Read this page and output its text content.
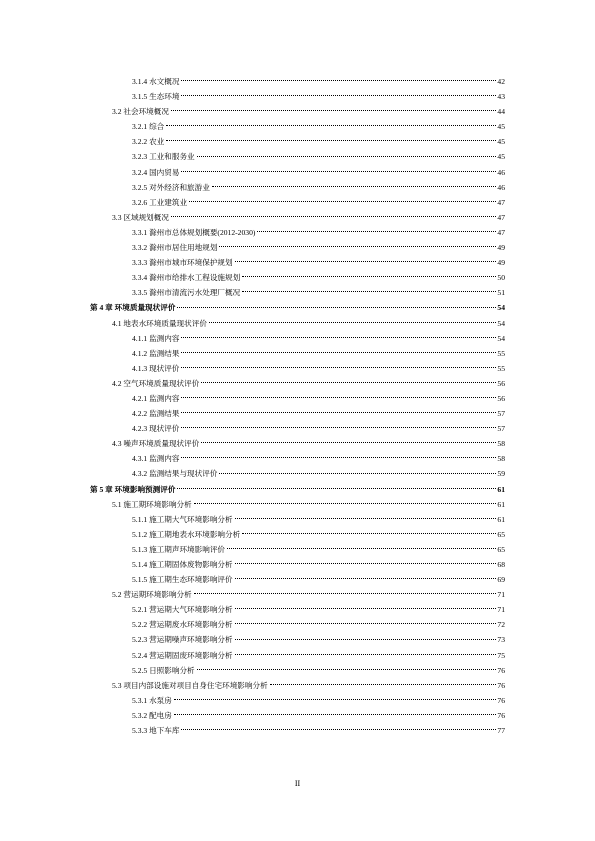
3.1.4 水文概况	42
3.1.5 生态环境	43
3.2 社会环境概况	44
3.2.1 综合	45
3.2.2 农业	45
3.2.3 工业和服务业	45
3.2.4 国内贸易	46
3.2.5 对外经济和旅游业	46
3.2.6 工业建筑业	47
3.3 区域规划概况	47
3.3.1 滁州市总体规划概要(2012-2030)	47
3.3.2 滁州市居住用地规划	49
3.3.3 滁州市城市环境保护规划	49
3.3.4 滁州市给排水工程设施规划	50
3.3.5 滁州市清流污水处理厂概况	51
第 4 章 环境质量现状评价	54
4.1 地表水环境质量现状评价	54
4.1.1 监测内容	54
4.1.2 监测结果	55
4.1.3 现状评价	55
4.2 空气环境质量现状评价	56
4.2.1 监测内容	56
4.2.2 监测结果	57
4.2.3 现状评价	57
4.3 噪声环境质量现状评价	58
4.3.1 监测内容	58
4.3.2 监测结果与现状评价	59
第 5 章 环境影响预测评价	61
5.1 施工期环境影响分析	61
5.1.1 施工期大气环境影响分析	61
5.1.2 施工期地表水环境影响分析	65
5.1.3 施工期声环境影响评价	65
5.1.4 施工期固体废物影响分析	68
5.1.5 施工期生态环境影响评价	69
5.2 营运期环境影响分析	71
5.2.1 营运期大气环境影响分析	71
5.2.2 营运期废水环境影响分析	72
5.2.3 营运期噪声环境影响分析	73
5.2.4 营运期固废环境影响分析	75
5.2.5 日照影响分析	76
5.3 项目内部设施对项目自身住宅环境影响分析	76
5.3.1 水泵房	76
5.3.2 配电房	76
5.3.3 地下车库	77
II
